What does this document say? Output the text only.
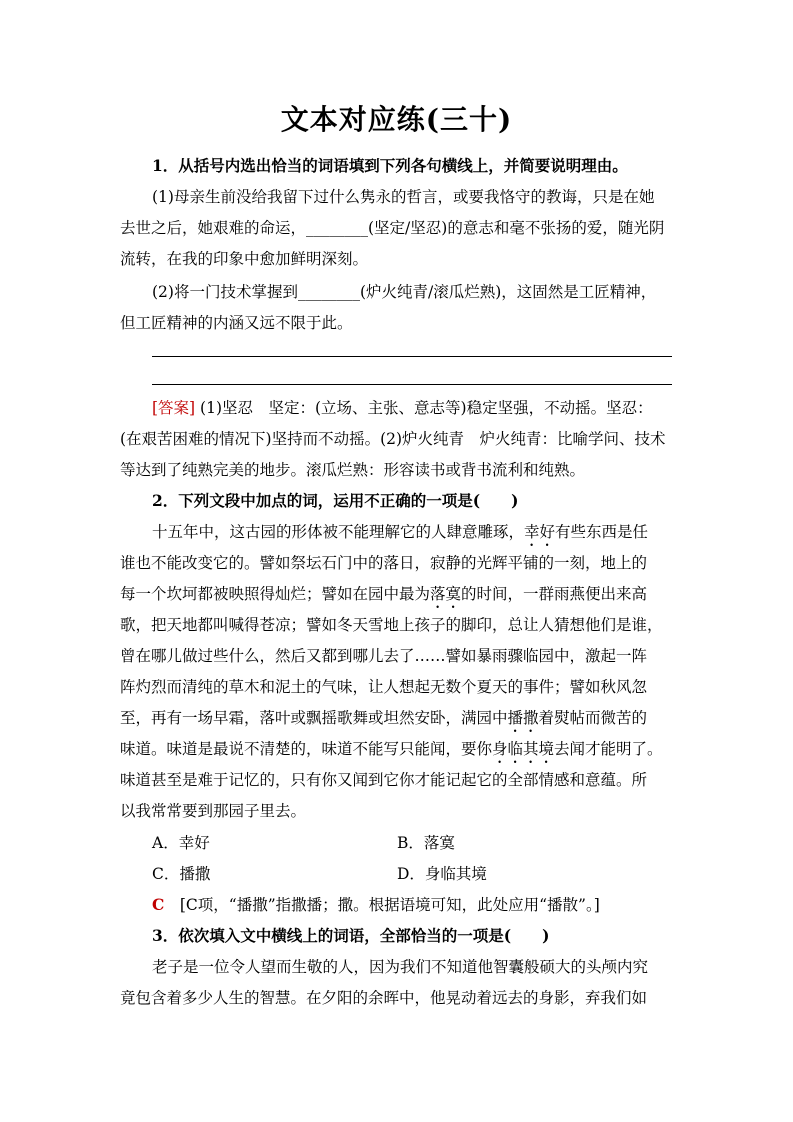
文本对应练(三十)
1．从括号内选出恰当的词语填到下列各句横线上，并简要说明理由。
(1)母亲生前没给我留下过什么隽永的哲言，或要我恪守的教诲，只是在她
去世之后，她艰难的命运，________(坚定/坚忍)的意志和毫不张扬的爱，随光阴
流转，在我的印象中愈加鲜明深刻。
(2)将一门技术掌握到________(炉火纯青/滚瓜烂熟)，这固然是工匠精神，
但工匠精神的内涵又远不限于此。
[答案] (1)坚忍　坚定：(立场、主张、意志等)稳定坚强，不动摇。坚忍：
(在艰苦困难的情况下)坚持而不动摇。(2)炉火纯青　炉火纯青：比喻学问、技术
等达到了纯熟完美的地步。滚瓜烂熟：形容读书或背书流利和纯熟。
2．下列文段中加点的词，运用不正确的一项是(　　)
十五年中，这古园的形体被不能理解它的人肆意雕琢，幸好有些东西是任
谁也不能改变它的。譬如祭坛石门中的落日，寂静的光辉平铺的一刻，地上的
每一个坎坷都被映照得灿烂；譬如在园中最为落寞的时间，一群雨燕便出来高
歌，把天地都叫喊得苍凉；譬如冬天雪地上孩子的脚印，总让人猜想他们是谁，
曾在哪儿做过些什么，然后又都到哪儿去了……譬如暴雨骤临园中，激起一阵
阵灼烈而清纯的草木和泥土的气味，让人想起无数个夏天的事件；譬如秋风忽
至，再有一场早霜，落叶或飘摇歌舞或坦然安卧，满园中播撒着熨帖而微苦的
味道。味道是最说不清楚的，味道不能写只能闻，要你身临其境去闻才能明了。
味道甚至是难于记忆的，只有你又闻到它你才能记起它的全部情感和意蕴。所
以我常常要到那园子里去。
A．幸好	B．落寞
C．播撒	D．身临其境
C　 [C项，“播撒”指撒播；撒。根据语境可知，此处应用“播散”。]
3．依次填入文中横线上的词语，全部恰当的一项是(　　)
老子是一位令人望而生敬的人，因为我们不知道他智囊般硕大的头颅内究
竟包含着多少人生的智慧。在夕阳的余晖中，他晃动着远去的身影，弃我们如
